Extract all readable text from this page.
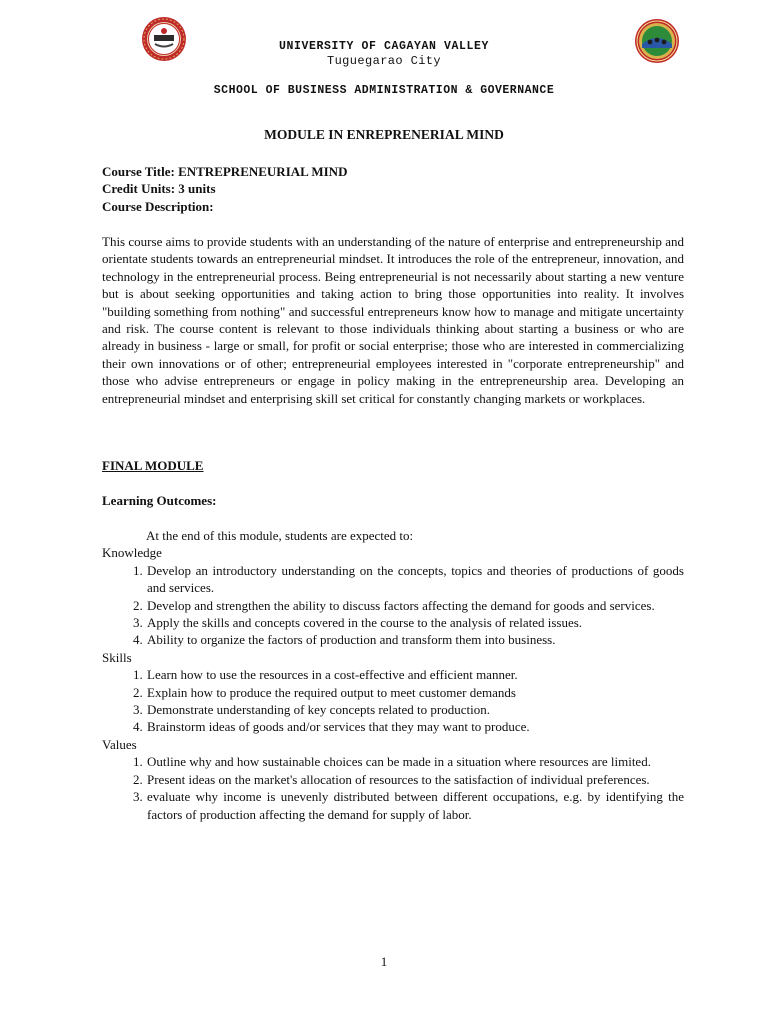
UNIVERSITY OF CAGAYAN VALLEY
Tuguegarao City
SCHOOL OF BUSINESS ADMINISTRATION & GOVERNANCE
MODULE IN ENREPRENERIAL MIND
Course Title: ENTREPRENEURIAL MIND
Credit Units: 3 units
Course Description:

This course aims to provide students with an understanding of the nature of enterprise and entrepreneurship and orientate students towards an entrepreneurial mindset. It introduces the role of the entrepreneur, innovation, and technology in the entrepreneurial process. Being entrepreneurial is not necessarily about starting a new venture but is about seeking opportunities and taking action to bring those opportunities into reality. It involves "building something from nothing" and successful entrepreneurs know how to manage and mitigate uncertainty and risk. The course content is relevant to those individuals thinking about starting a business or who are already in business - large or small, for profit or social enterprise; those who are interested in commercializing their own innovations or of other; entrepreneurial employees interested in "corporate entrepreneurship" and those who advise entrepreneurs or engage in policy making in the entrepreneurship area. Developing an entrepreneurial mindset and enterprising skill set critical for constantly changing markets or workplaces.

FINAL MODULE
Learning Outcomes:
At the end of this module, students are expected to:
Knowledge
1. Develop an introductory understanding on the concepts, topics and theories of productions of goods and services.
2. Develop and strengthen the ability to discuss factors affecting the demand for goods and services.
3. Apply the skills and concepts covered in the course to the analysis of related issues.
4. Ability to organize the factors of production and transform them into business.
Skills
1. Learn how to use the resources in a cost-effective and efficient manner.
2. Explain how to produce the required output to meet customer demands
3. Demonstrate understanding of key concepts related to production.
4. Brainstorm ideas of goods and/or services that they may want to produce.
Values
1. Outline why and how sustainable choices can be made in a situation where resources are limited.
2. Present ideas on the market's allocation of resources to the satisfaction of individual preferences.
3. evaluate why income is unevenly distributed between different occupations, e.g. by identifying the factors of production affecting the demand for supply of labor.
1
